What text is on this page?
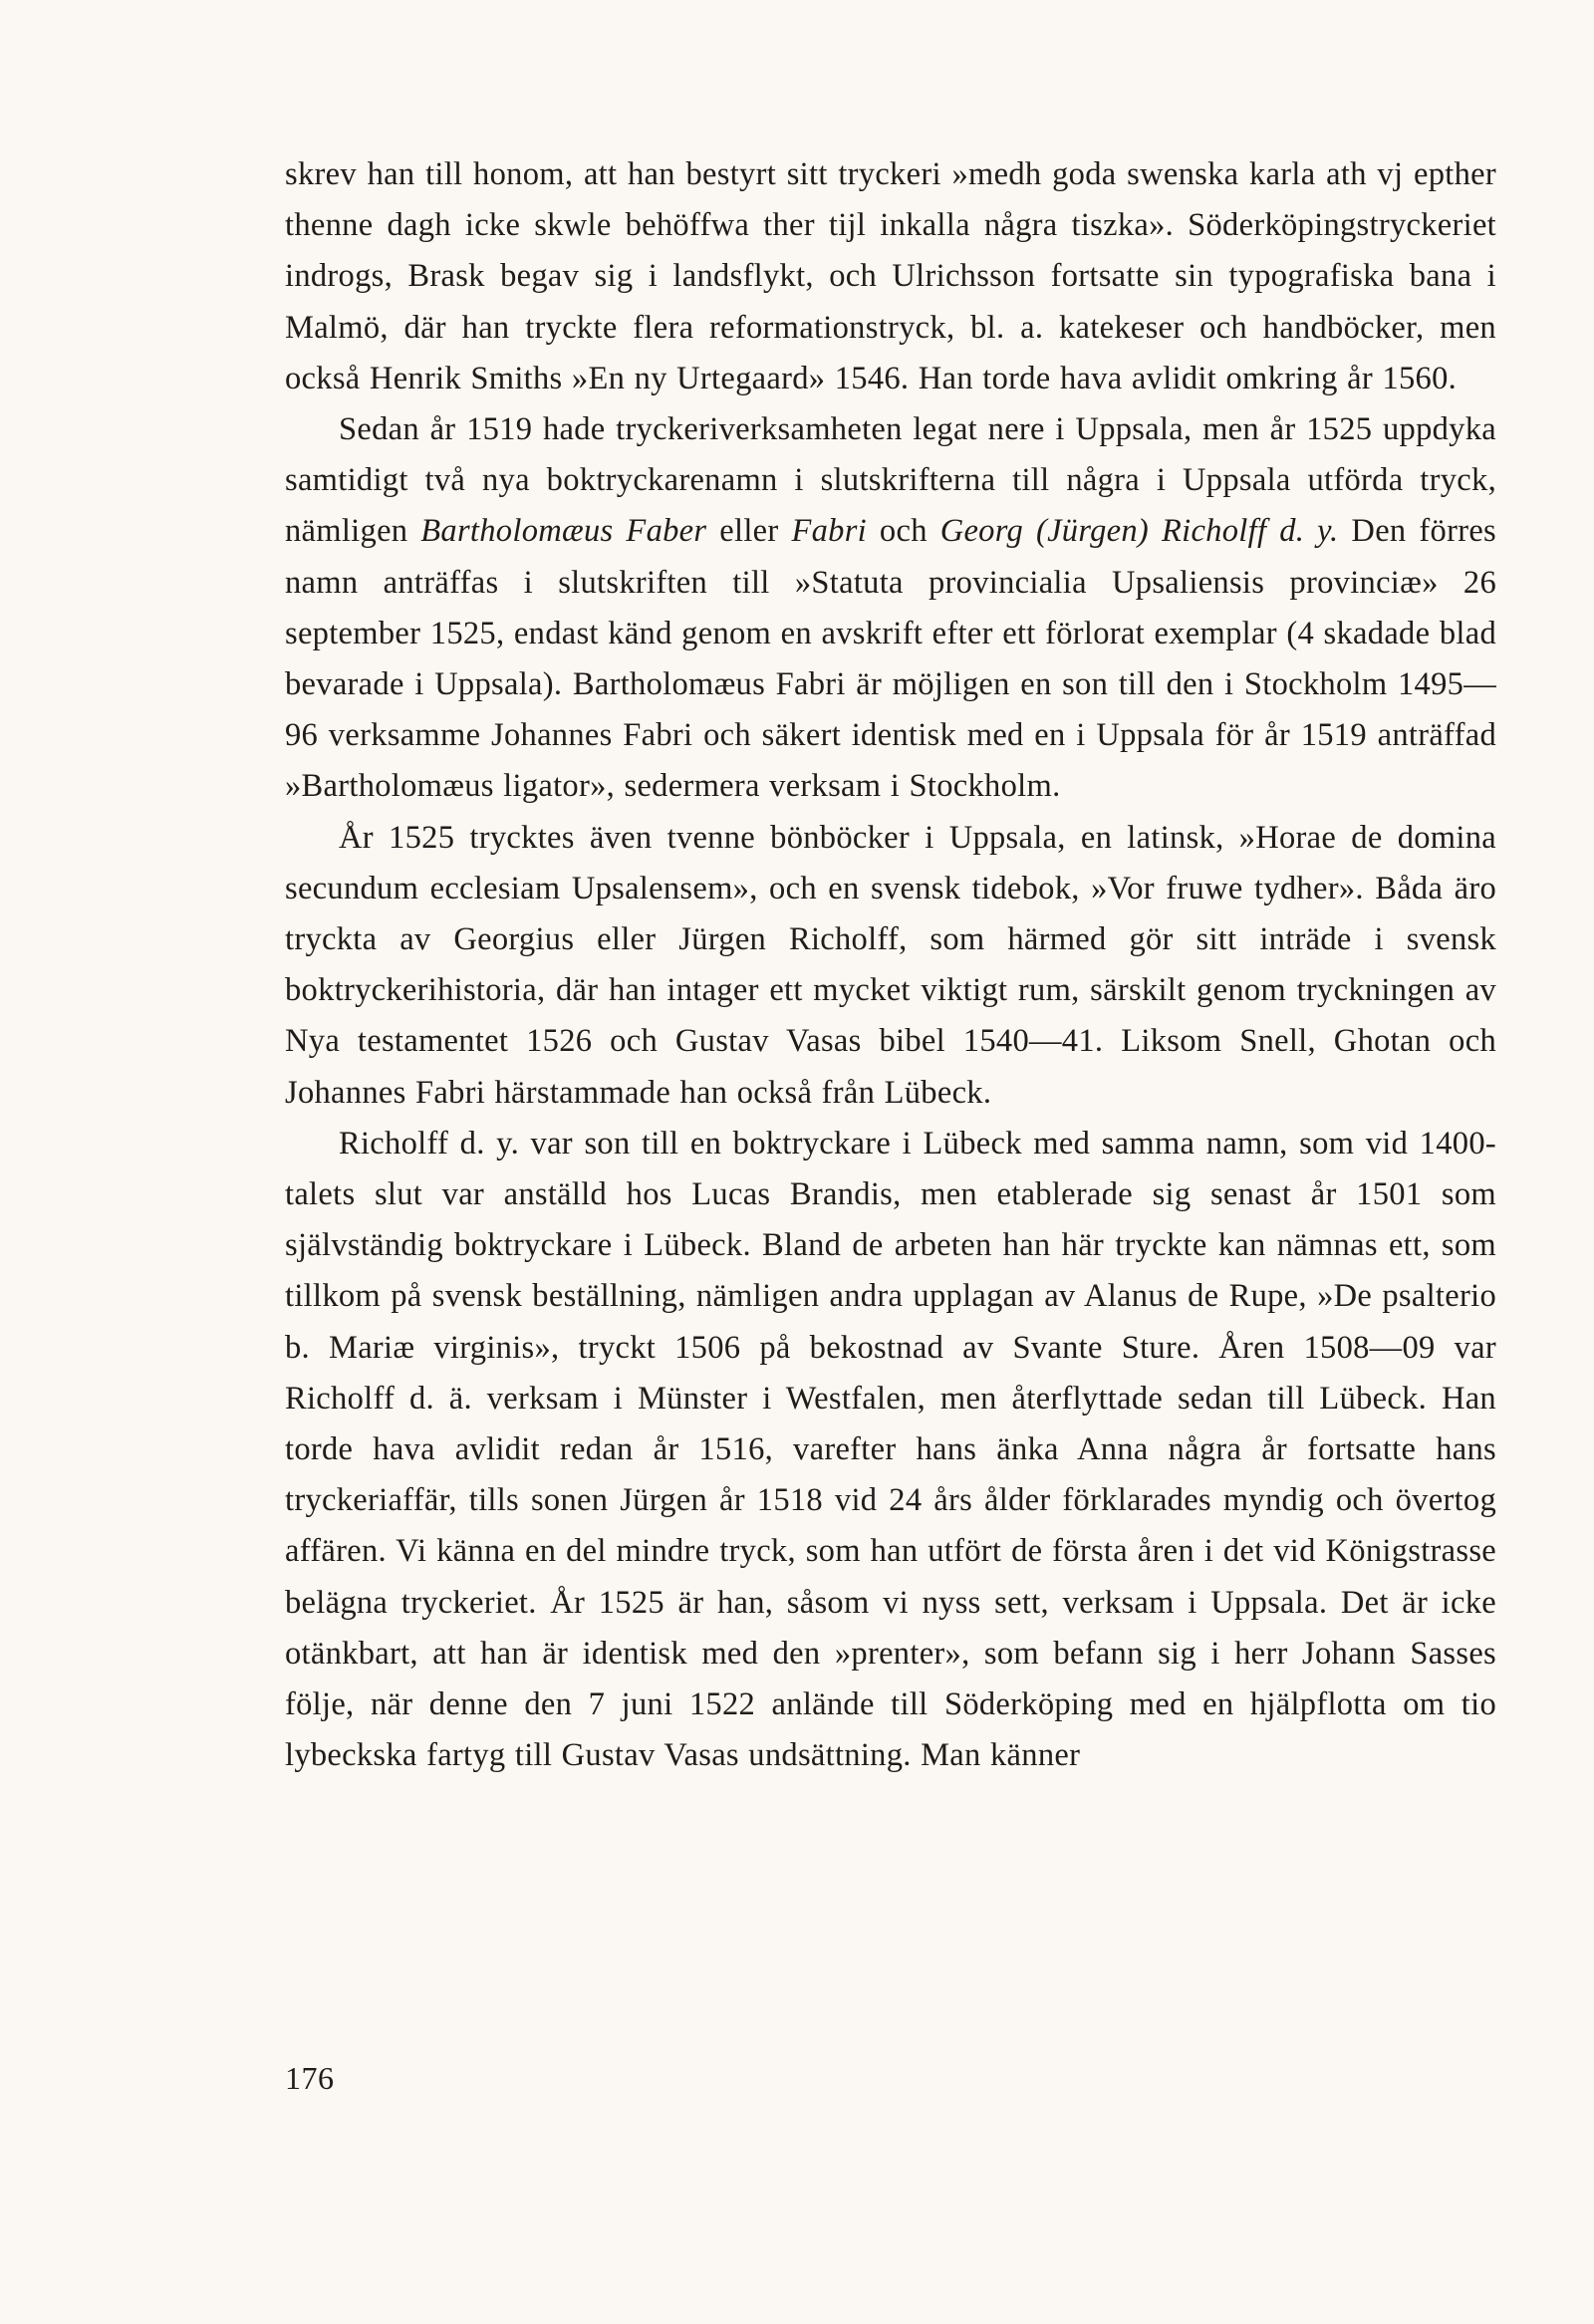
skrev han till honom, att han bestyrt sitt tryckeri »medh goda swenska karla ath vj epther thenne dagh icke skwle behöffwa ther tijl inkalla några tiszka». Söderköpingstryckeriet indrogs, Brask begav sig i landsflykt, och Ulrichsson fortsatte sin typografiska bana i Malmö, där han tryckte flera reformationstryck, bl. a. katekeser och handböcker, men också Henrik Smiths »En ny Urtegaard» 1546. Han torde hava avlidit omkring år 1560.

Sedan år 1519 hade tryckeriverksamheten legat nere i Uppsala, men år 1525 uppdyka samtidigt två nya boktryckarenamn i slutskrifterna till några i Uppsala utförda tryck, nämligen Bartholomæus Faber eller Fabri och Georg (Jürgen) Richolff d. y. Den förres namn anträffas i slutskriften till »Statuta provincialia Upsaliensis provinciæ» 26 september 1525, endast känd genom en avskrift efter ett förlorat exemplar (4 skadade blad bevarade i Uppsala). Bartholomæus Fabri är möjligen en son till den i Stockholm 1495—96 verksamme Johannes Fabri och säkert identisk med en i Uppsala för år 1519 anträffad »Bartholomæus ligator», sedermera verksam i Stockholm.

År 1525 trycktes även tvenne bönböcker i Uppsala, en latinsk, »Horae de domina secundum ecclesiam Upsalensem», och en svensk tidebok, »Vor fruwe tydher». Båda äro tryckta av Georgius eller Jürgen Richolff, som härmed gör sitt inträde i svensk boktryckerihistoria, där han intager ett mycket viktigt rum, särskilt genom tryckningen av Nya testamentet 1526 och Gustav Vasas bibel 1540—41. Liksom Snell, Ghotan och Johannes Fabri härstammade han också från Lübeck.

Richolff d. y. var son till en boktryckare i Lübeck med samma namn, som vid 1400-talets slut var anställd hos Lucas Brandis, men etablerade sig senast år 1501 som självständig boktryckare i Lübeck. Bland de arbeten han här tryckte kan nämnas ett, som tillkom på svensk beställning, nämligen andra upplagan av Alanus de Rupe, »De psalterio b. Mariæ virginis», tryckt 1506 på bekostnad av Svante Sture. Åren 1508—09 var Richolff d. ä. verksam i Münster i Westfalen, men återflyttade sedan till Lübeck. Han torde hava avlidit redan år 1516, varefter hans änka Anna några år fortsatte hans tryckeriaffär, tills sonen Jürgen år 1518 vid 24 års ålder förklarades myndig och övertog affären. Vi känna en del mindre tryck, som han utfört de första åren i det vid Königstrasse belägna tryckeriet. År 1525 är han, såsom vi nyss sett, verksam i Uppsala. Det är icke otänkbart, att han är identisk med den »prenter», som befann sig i herr Johann Sasses följe, när denne den 7 juni 1522 anlände till Söderköping med en hjälpflotta om tio lybeckska fartyg till Gustav Vasas undsättning. Man känner

176
